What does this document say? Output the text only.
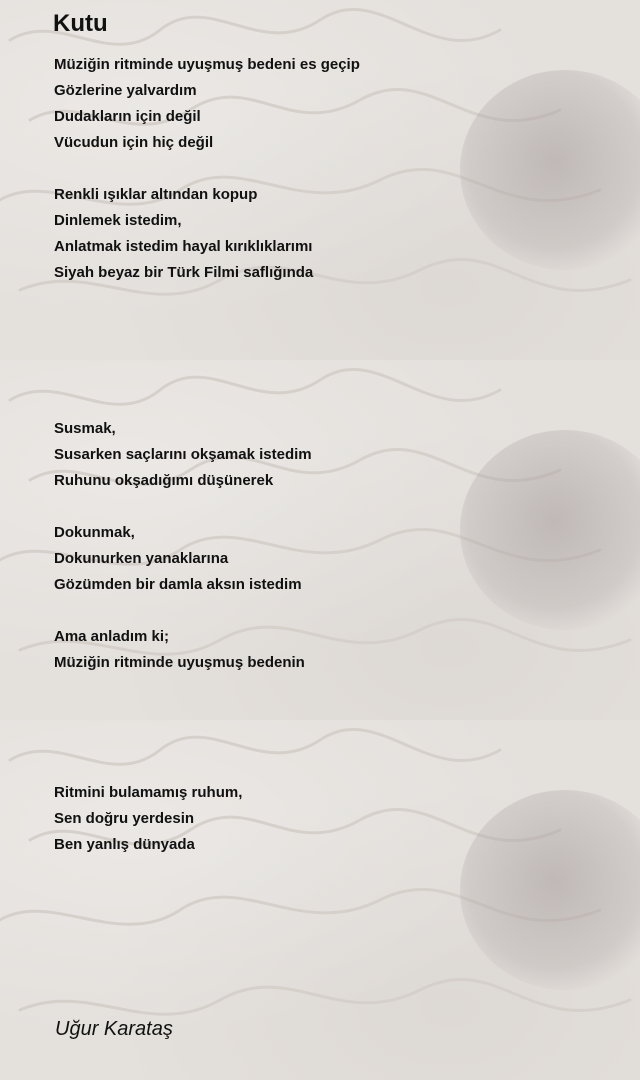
Kutu
Müziğin ritminde uyuşmuş bedeni es geçip
Gözlerine yalvardım
Dudakların için değil
Vücudun için hiç değil
Renkli ışıklar altından kopup
Dinlemek istedim,
Anlatmak istedim hayal kırıklıklarımı
Siyah beyaz bir Türk Filmi saflığında
Susmak,
Susarken saçlarını okşamak istedim
Ruhunu okşadığımı düşünerek
Dokunmak,
Dokunurken yanaklarına
Gözümden bir damla aksın istedim
Ama anladım ki;
Müziğin ritminde uyuşmuş bedenin
Ritmini bulamamış ruhum,
Sen doğru yerdesin
Ben yanlış dünyada
Uğur Karataş
